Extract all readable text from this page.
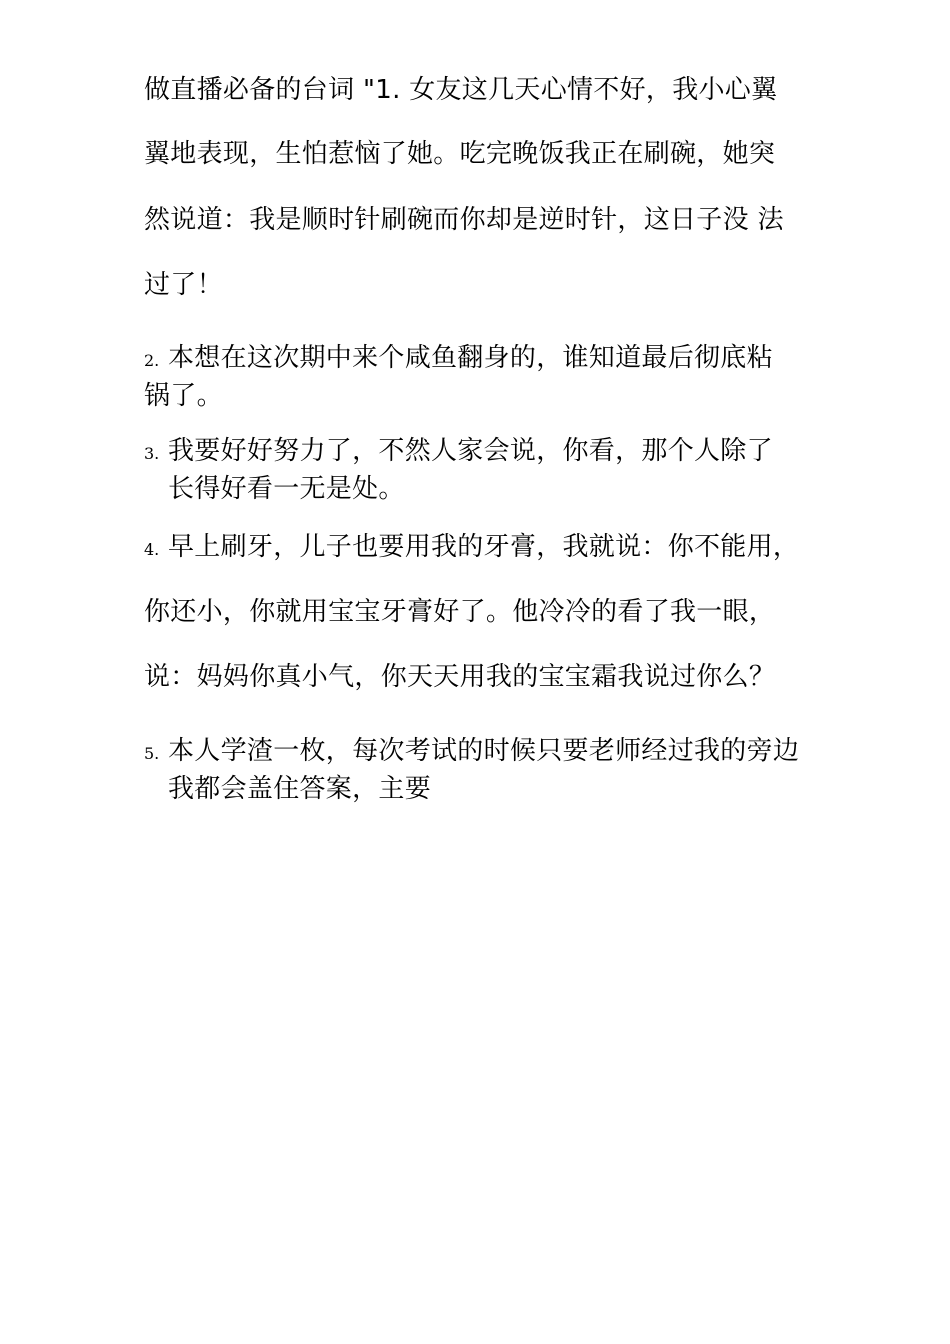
做直播必备的台词 "1. 女友这几天心情不好，我小心翼
翼地表现，生怕惹恼了她。吃完晚饭我正在刷碗，她突
然说道：我是顺时针刷碗而你却是逆时针，这日子没 法
过了！
2. 本想在这次期中来个咸鱼翻身的，谁知道最后彻底粘
锅了。
3. 我要好好努力了，不然人家会说，你看，那个人除了
长得好看一无是处。
4. 早上刷牙，儿子也要用我的牙膏，我就说：你不能用，
你还小，你就用宝宝牙膏好了。他冷冷的看了我一眼，
说：妈妈你真小气，你天天用我的宝宝霜我说过你么？
5. 本人学渣一枚，每次考试的时候只要老师经过我的旁边
我都会盖住答案，主要
